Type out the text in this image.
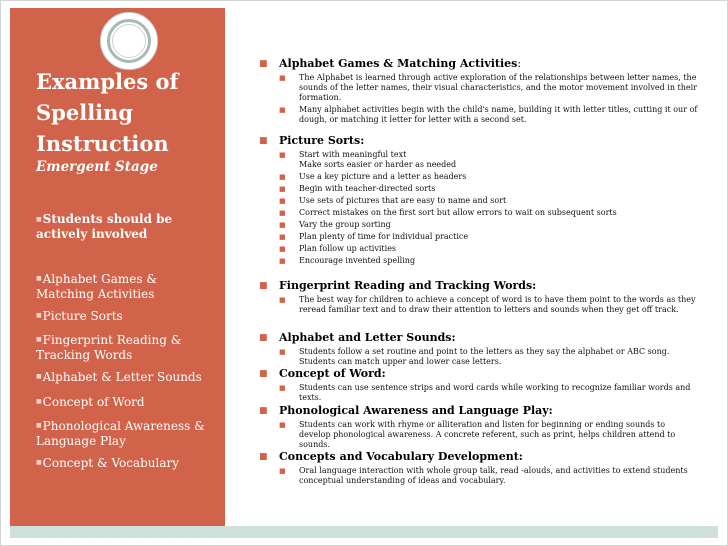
Examples of
Spelling
Instruction
Emergent Stage
■Students should be actively involved
■Alphabet Games & Matching Activities
■Picture Sorts
■Fingerprint Reading & Tracking Words
■Alphabet & Letter Sounds
■Concept of Word
■Phonological Awareness & Language Play
■Concept & Vocabulary
■ Alphabet Games & Matching Activities:
■ The Alphabet is learned through active exploration of the relationships between letter names, the sounds of the letter names, their visual characteristics, and the motor movement involved in their formation.
■ Many alphabet activities begin with the child's name, building it with letter titles, cutting it our of dough, or matching it letter for letter with a second set.
■ Picture Sorts:
■ Start with meaningful text
Make sorts easier or harder as needed
■ Use a key picture and a letter as headers
■ Begin with teacher-directed sorts
■ Use sets of pictures that are easy to name and sort
■ Correct mistakes on the first sort but allow errors to wait on subsequent sorts
■ Vary the group sorting
■ Plan plenty of time for individual practice
■ Plan follow up activities
■ Encourage invented spelling
■ Fingerprint Reading and Tracking Words:
■ The best way for children to achieve a concept of word is to have them point to the words as they reread familiar text and to draw their attention to letters and sounds when they get off track.
■ Alphabet and Letter Sounds:
■ Students follow a set routine and point to the letters as they say the alphabet or ABC song. Students can match upper and lower case letters.
■ Concept of Word:
■ Students can use sentence strips and word cards while working to recognize familiar words and texts.
■ Phonological Awareness and Language Play:
■ Students can work with rhyme or alliteration and listen for beginning or ending sounds to develop phonological awareness. A concrete referent, such as print, helps children attend to sounds.
■ Concepts and Vocabulary Development:
■ Oral language interaction with whole group talk, read -alouds, and activities to extend students conceptual understanding of ideas and vocabulary.
